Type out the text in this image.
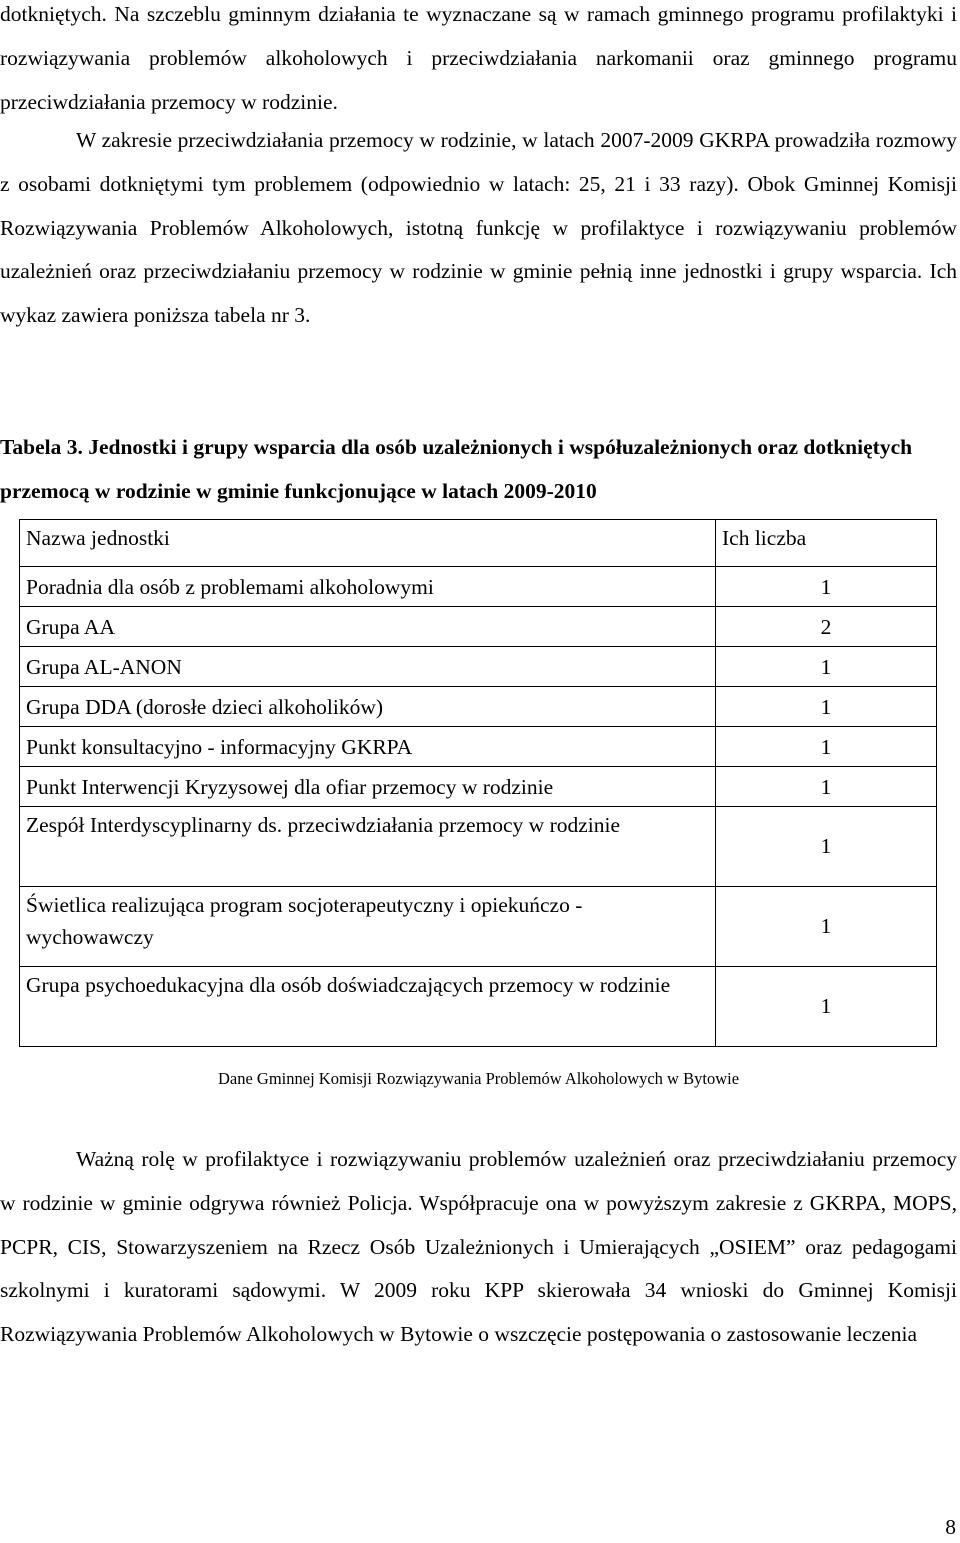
dotkniętych. Na szczeblu gminnym działania te wyznaczane są w ramach gminnego programu profilaktyki i rozwiązywania problemów alkoholowych i przeciwdziałania narkomanii oraz gminnego programu przeciwdziałania przemocy w rodzinie.

W zakresie przeciwdziałania przemocy w rodzinie, w latach 2007-2009 GKRPA prowadziła rozmowy z osobami dotkniętymi tym problemem (odpowiednio w latach: 25, 21 i 33 razy). Obok Gminnej Komisji Rozwiązywania Problemów Alkoholowych, istotną funkcję w profilaktyce i rozwiązywaniu problemów uzależnień oraz przeciwdziałaniu przemocy w rodzinie w gminie pełnią inne jednostki i grupy wsparcia. Ich wykaz zawiera poniższa tabela nr 3.

Tabela 3. Jednostki i grupy wsparcia dla osób uzależnionych i współuzależnionych oraz dotkniętych przemocą w rodzinie w gminie funkcjonujące w latach 2009-2010

Nazwa jednostki	Ich liczba
Poradnia dla osób z problemami alkoholowymi	1
Grupa AA	2
Grupa AL-ANON	1
Grupa DDA (dorosłe dzieci alkoholików)	1
Punkt konsultacyjno - informacyjny GKRPA	1
Punkt Interwencji Kryzysowej dla ofiar przemocy w rodzinie	1
Zespół Interdyscyplinarny ds. przeciwdziałania przemocy w rodzinie	1
Świetlica realizująca program socjoterapeutyczny i opiekuńczo - wychowawczy	1
Grupa psychoedukacyjna dla osób doświadczających przemocy w rodzinie	1

Dane Gminnej Komisji Rozwiązywania Problemów Alkoholowych w Bytowie

Ważną rolę w profilaktyce i rozwiązywaniu problemów uzależnień oraz przeciwdziałaniu przemocy w rodzinie w gminie odgrywa również Policja. Współpracuje ona w powyższym zakresie z GKRPA, MOPS, PCPR, CIS, Stowarzyszeniem na Rzecz Osób Uzależnionych i Umierających „OSIEM” oraz pedagogami szkolnymi i kuratorami sądowymi. W 2009 roku KPP skierowała 34 wnioski do Gminnej Komisji Rozwiązywania Problemów Alkoholowych w Bytowie o wszczęcie postępowania o zastosowanie leczenia

8
